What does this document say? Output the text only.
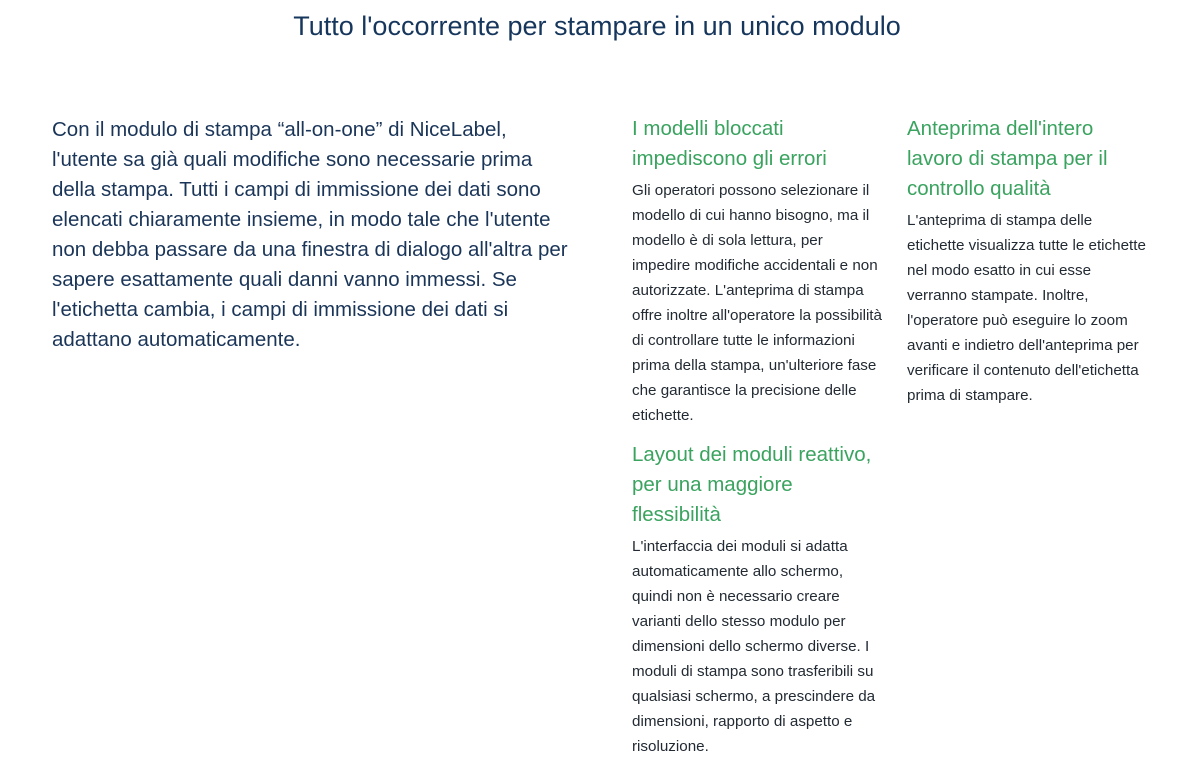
Tutto l'occorrente per stampare in un unico modulo

Con il modulo di stampa “all-on-one” di NiceLabel, l'utente sa già quali modifiche sono necessarie prima della stampa. Tutti i campi di immissione dei dati sono elencati chiaramente insieme, in modo tale che l'utente non debba passare da una finestra di dialogo all'altra per sapere esattamente quali danni vanno immessi. Se l'etichetta cambia, i campi di immissione dei dati si adattano automaticamente.

I modelli bloccati impediscono gli errori

Gli operatori possono selezionare il modello di cui hanno bisogno, ma il modello è di sola lettura, per impedire modifiche accidentali e non autorizzate. L'anteprima di stampa offre inoltre all'operatore la possibilità di controllare tutte le informazioni prima della stampa, un'ulteriore fase che garantisce la precisione delle etichette.

Layout dei moduli reattivo, per una maggiore flessibilità

L'interfaccia dei moduli si adatta automaticamente allo schermo, quindi non è necessario creare varianti dello stesso modulo per dimensioni dello schermo diverse. I moduli di stampa sono trasferibili su qualsiasi schermo, a prescindere da dimensioni, rapporto di aspetto e risoluzione.

Anteprima dell'intero lavoro di stampa per il controllo qualità

L'anteprima di stampa delle etichette visualizza tutte le etichette nel modo esatto in cui esse verranno stampate. Inoltre, l'operatore può eseguire lo zoom avanti e indietro dell'anteprima per verificare il contenuto dell'etichetta prima di stampare.
